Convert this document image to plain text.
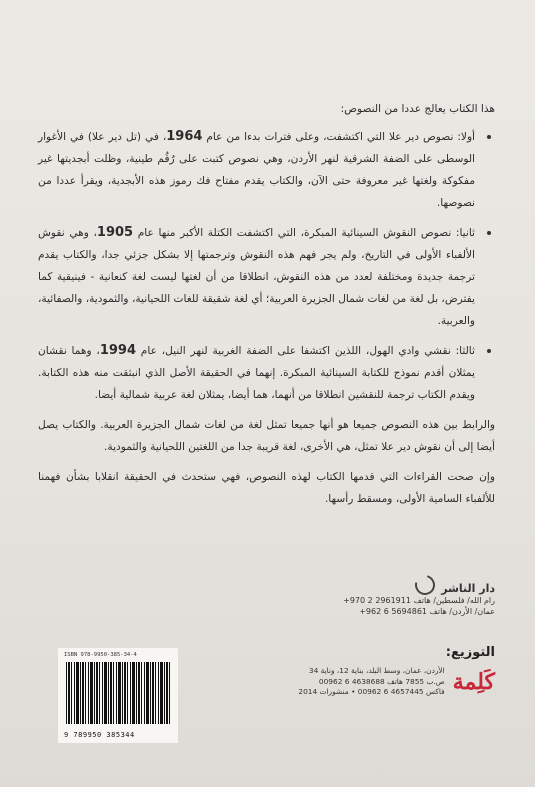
هذا الكتاب يعالج عددا من النصوص:

أولا: نصوص دير علا التي اكتشفت، وعلى فترات بدءا من عام 1964، في (تل دير علا) في الأغوار الوسطى على الضفة الشرقية لنهر الأردن، وهي نصوص كتبت على رُقُم طينية، وظلت أبجديتها غير مفكوكة ولغتها غير معروفة حتى الآن، والكتاب يقدم مفتاح فك رموز هذه الأبجدية، ويقرأ عددا من نصوصها.
ثانيا: نصوص النقوش السينائية المبكرة، التي اكتشفت الكتلة الأكبر منها عام 1905، وهي نقوش الألفباء الأولى في التاريخ، ولم يجر فهم هذه النقوش وترجمتها إلا بشكل جزئي جدا، والكتاب يقدم ترجمة جديدة ومختلفة لعدد من هذه النقوش، انطلاقا من أن لغتها ليست لغة كنعانية - فينيقية كما يفترض، بل لغة من لغات شمال الجزيرة العربية؛ أي لغة شقيقة للغات اللحيانية، والثمودية، والصفائية، والعربية.
ثالثا: نقشي وادي الهول، اللذين اكتشفا على الضفة الغربية لنهر النيل، عام 1994، وهما نقشان يمثلان أقدم نموذج للكتابة السينائية المبكرة. إنهما في الحقيقة الأصل الذي انبثقت منه هذه الكتابة. ويقدم الكتاب ترجمة للنقشين انطلاقا من أنهما، هما أيضا، يمثلان لغة عربية شمالية أيضا.

والرابط بين هذه النصوص جميعا هو أنها جميعا تمثل لغة من لغات شمال الجزيرة العربية. والكتاب يصل أيضا إلى أن نقوش دير علا تمثل، هي الأخرى، لغة قريبة جدا من اللغتين اللحيانية والثمودية.

وإن صحت القراءات التي قدمها الكتاب لهذه النصوص، فهي ستحدث في الحقيقة انقلابا بشأن فهمنا للألفباء السامية الأولى، ومسقط رأسها.

دار الناشر
رام الله/ فلسطين/ هاتف 2961911 2 970+
عمان/ الأردن/ هاتف 5694861 6 962+
ISBN 978-9950-385-34-4
9 789950 385344
التوزيع:
كَلِمة
الأردن، عمان، وسط البلد، بناية 12، وناية 34
ص.ب 7855 هاتف 4638688 6 00962
فاكس 4657445 6 00962 • منشورات 2014
